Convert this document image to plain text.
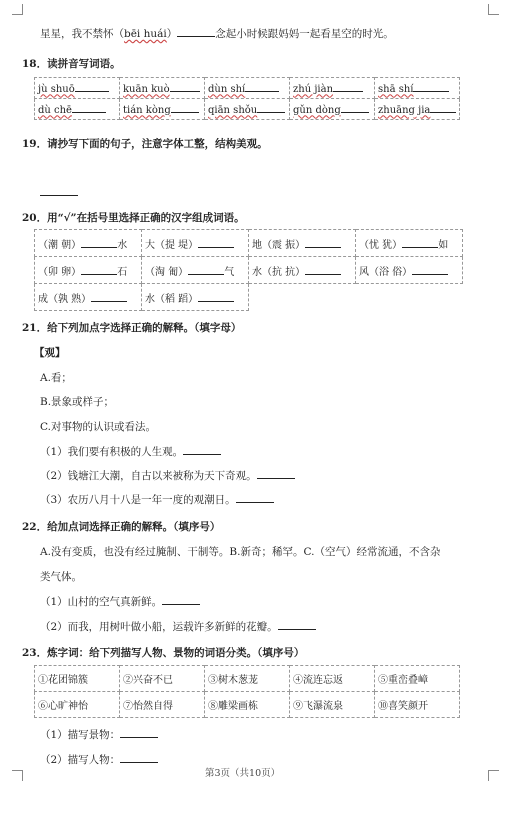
星星，我不禁怀（bēi huái）	念起小时候跟妈妈一起看星空的时光。
18．读拼音写词语。
jù shuō	kuān kuò	dùn shí	zhú jiàn	shā shí
dù chē	tián kòng	qiān shǒu	gǔn dòng	zhuāng jia
19．请抄写下面的句子，注意字体工整，结构美观。
20．用“√”在括号里选择正确的汉字组成词语。
（潮 朝） 水	大（提 堤）	地（震 振）	（忧 犹） 如
（卯 卵） 石	（淘 匍） 气	水（抗 抗）	风（浴 俗）
成（孰 熟）	水（稻 蹈）		
21．给下列加点字选择正确的解释。（填字母）
【观】
A.看；
B.景象或样子；
C.对事物的认识或看法。
（1）我们要有积极的人生观。
（2）钱塘江大潮，自古以来被称为天下奇观。
（3）农历八月十八是一年一度的观潮日。
22．给加点词选择正确的解释。（填序号）
A.没有变质，也没有经过腌制、干制等。B.新奇；稀罕。C.（空气）经常流通，不含杂
类气体。
（1）山村的空气真新鲜。
（2）而我，用树叶做小船，运载许多新鲜的花瓣。
23．炼字词：给下列描写人物、景物的词语分类。（填序号）
①花团锦簇	②兴奋不已	③树木葱茏	④流连忘返	⑤重峦叠嶂
⑥心旷神怡	⑦怡然自得	⑧雕梁画栋	⑨飞瀑流泉	⑩喜笑颜开
（1）描写景物：
（2）描写人物：
第3页（共10页）
